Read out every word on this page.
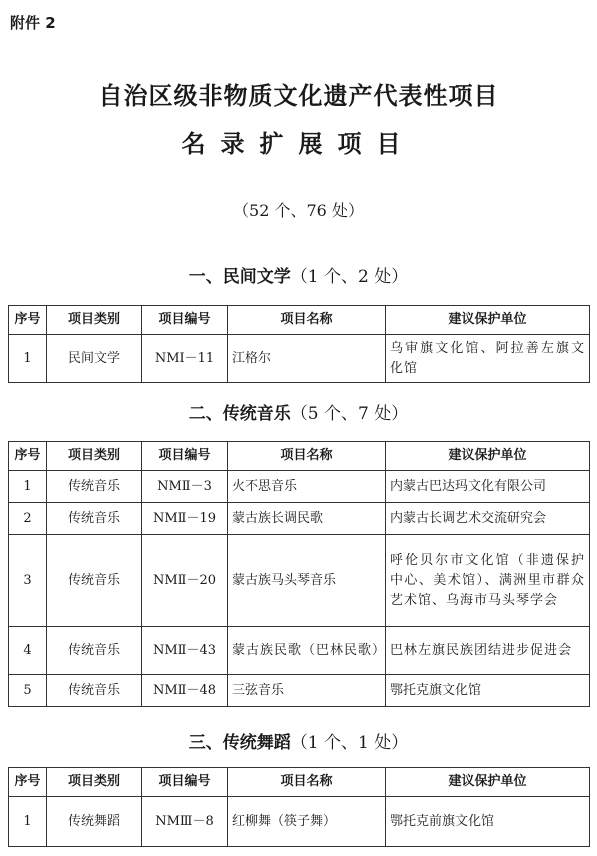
附件 2
自治区级非物质文化遗产代表性项目
名录扩展项目
（52 个、76 处）
一、民间文学（1 个、2 处）
序号	项目类别	项目编号	项目名称	建议保护单位
1	民间文学	NMⅠ－11	江格尔	乌审旗文化馆、阿拉善左旗文化馆
二、传统音乐（5 个、7 处）
序号	项目类别	项目编号	项目名称	建议保护单位
1	传统音乐	NMⅡ－3	火不思音乐	内蒙古巴达玛文化有限公司
2	传统音乐	NMⅡ－19	蒙古族长调民歌	内蒙古长调艺术交流研究会
3	传统音乐	NMⅡ－20	蒙古族马头琴音乐	呼伦贝尔市文化馆（非遗保护中心、美术馆）、满洲里市群众艺术馆、乌海市马头琴学会
4	传统音乐	NMⅡ－43	蒙古族民歌（巴林民歌）	巴林左旗民族团结进步促进会
5	传统音乐	NMⅡ－48	三弦音乐	鄂托克旗文化馆
三、传统舞蹈（1 个、1 处）
序号	项目类别	项目编号	项目名称	建议保护单位
1	传统舞蹈	NMⅢ－8	红柳舞（筷子舞）	鄂托克前旗文化馆
